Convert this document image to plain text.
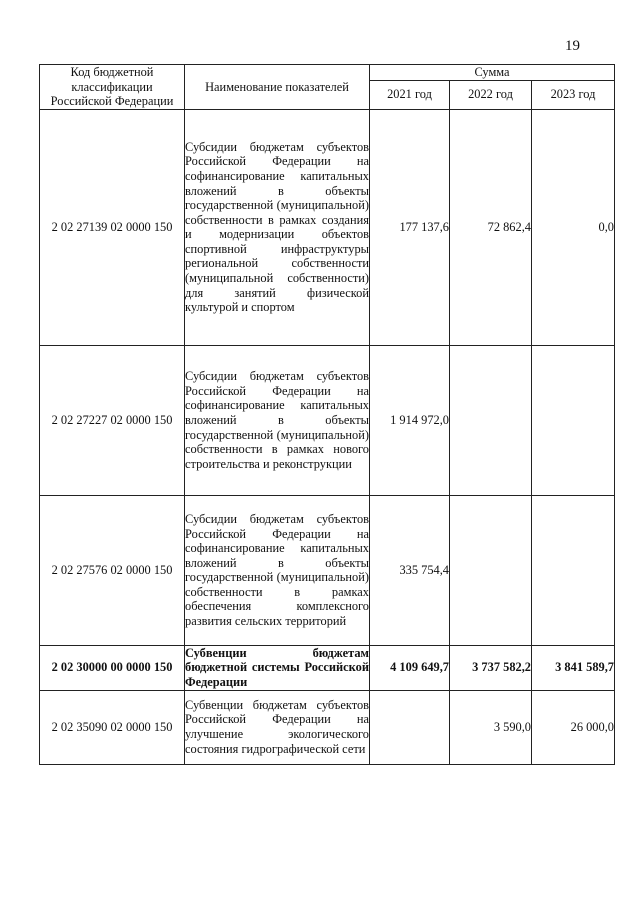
19
Код бюджетной классификации Российской Федерации	Наименование показателей	Сумма		
		2021 год	2022 год	2023 год
2 02 27139 02 0000 150	Субсидии бюджетам субъектов Российской Федерации на софинансирование капитальных вложений в объекты государственной (муниципальной) собственности в рамках создания и модернизации объектов спортивной инфраструктуры региональной собственности (муниципальной собственности) для занятий физической культурой и спортом	177 137,6	72 862,4	0,0
2 02 27227 02 0000 150	Субсидии бюджетам субъектов Российской Федерации на софинансирование капитальных вложений в объекты государственной (муниципальной) собственности в рамках нового строительства и реконструкции	1 914 972,0		
2 02 27576 02 0000 150	Субсидии бюджетам субъектов Российской Федерации на софинансирование капитальных вложений в объекты государственной (муниципальной) собственности в рамках обеспечения комплексного развития сельских территорий	335 754,4		
2 02 30000 00 0000 150	Субвенции бюджетам бюджетной системы Российской Федерации	4 109 649,7	3 737 582,2	3 841 589,7
2 02 35090 02 0000 150	Субвенции бюджетам субъектов Российской Федерации на улучшение экологического состояния гидрографической сети		3 590,0	26 000,0
